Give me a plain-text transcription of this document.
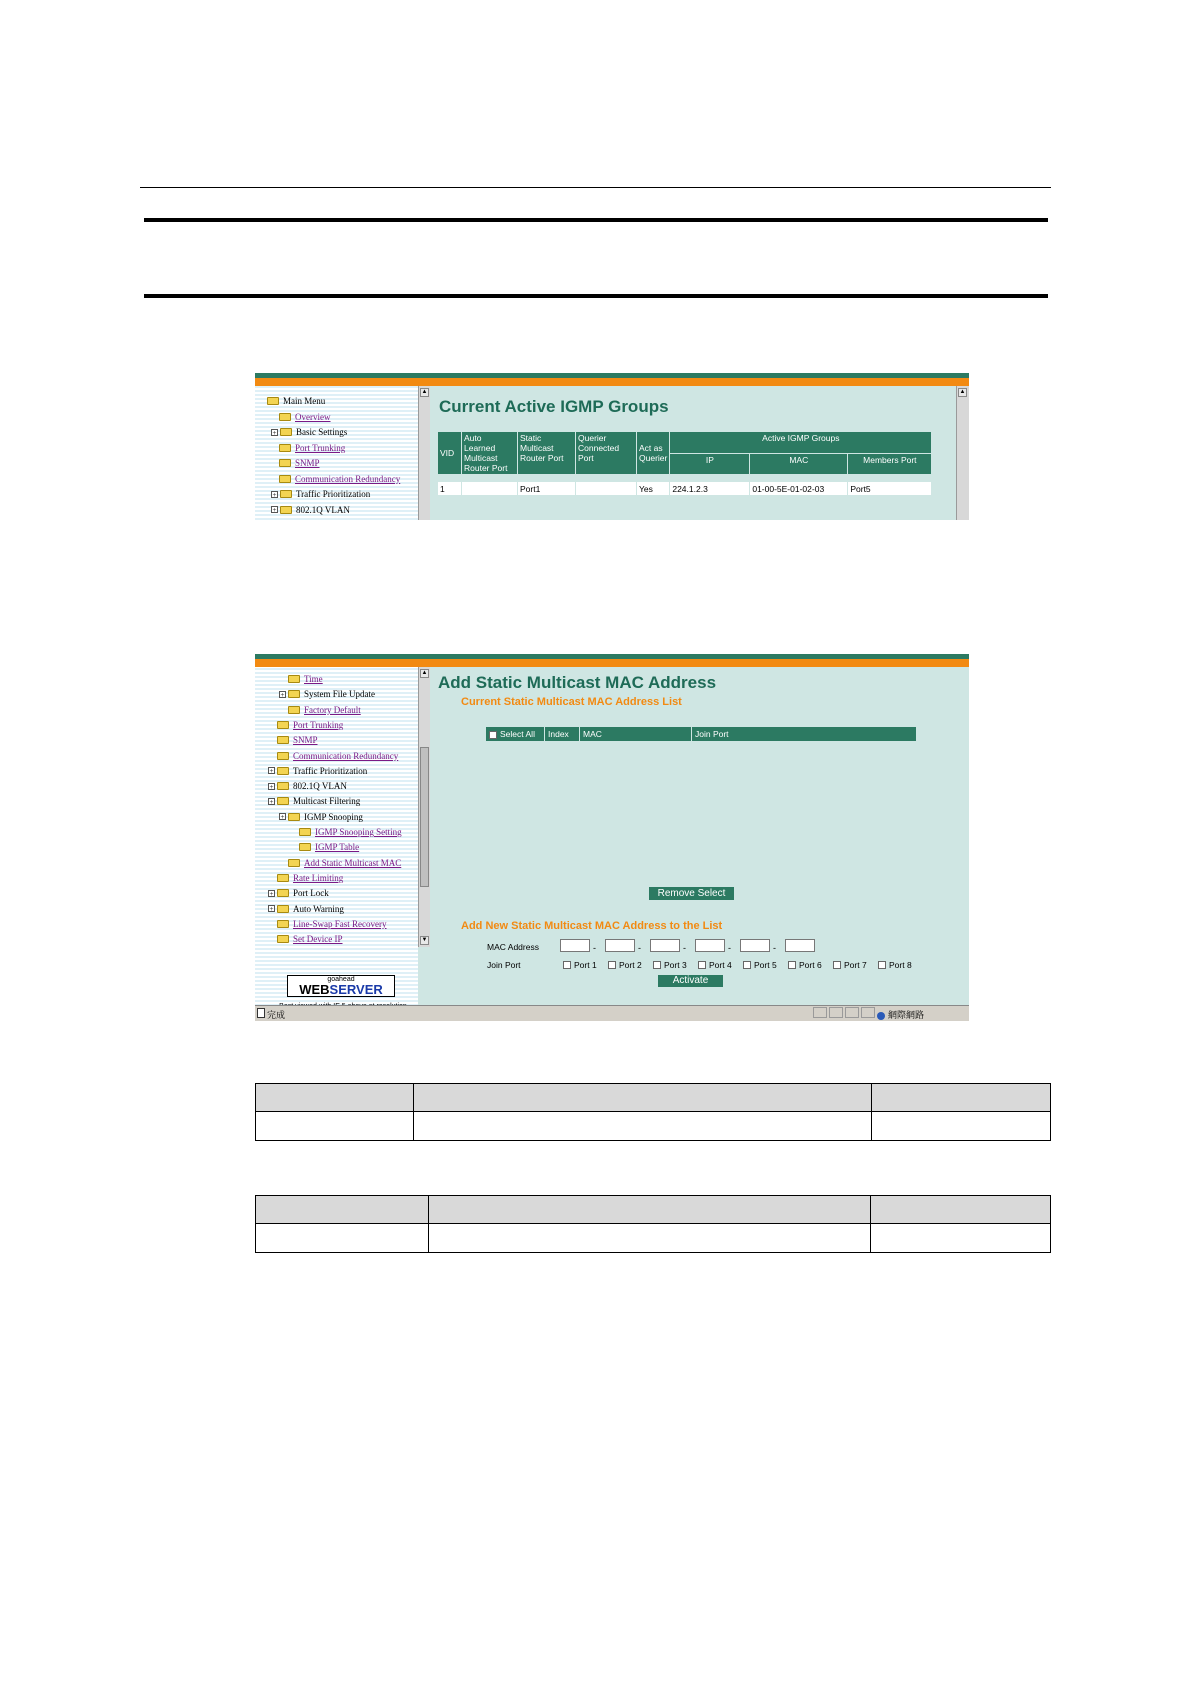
Main Menu
Overview
+ Basic Settings
Port Trunking
SNMP
Communication Redundancy
+ Traffic Prioritization
+ 802.1Q VLAN
▲
Current Active IGMP Groups
VID	Auto Learned Multicast Router Port	Static Multicast Router Port	Querier Connected Port	Act as Querier	Active IGMP Groups		
					IP	MAC	Members Port

1		Port1		Yes	224.1.2.3	01-00-5E-01-02-03	Port5
▲
Set Device IP
Line-Swap Fast Recovery
+ Auto Warning
+ Port Lock
Rate Limiting
Add Static Multicast MAC
IGMP Table
IGMP Snooping Setting
+ IGMP Snooping
+ Multicast Filtering
+ 802.1Q VLAN
+ Traffic Prioritization
Communication Redundancy
SNMP
Port Trunking
Factory Default
+ System File Update
Time
goahead
WEBSERVER
▲
▼
Add Static Multicast MAC Address
Current Static Multicast MAC Address List
Select All	Index	MAC	Join Port
Remove Select
Add New Static Multicast MAC Address to the List
MAC Address	-	-	-	-	-
Join Port	Port 1	Port 2	Port 3	Port 4	Port 5	Port 6	Port 7	Port 8
Activate
完成	網際網路
